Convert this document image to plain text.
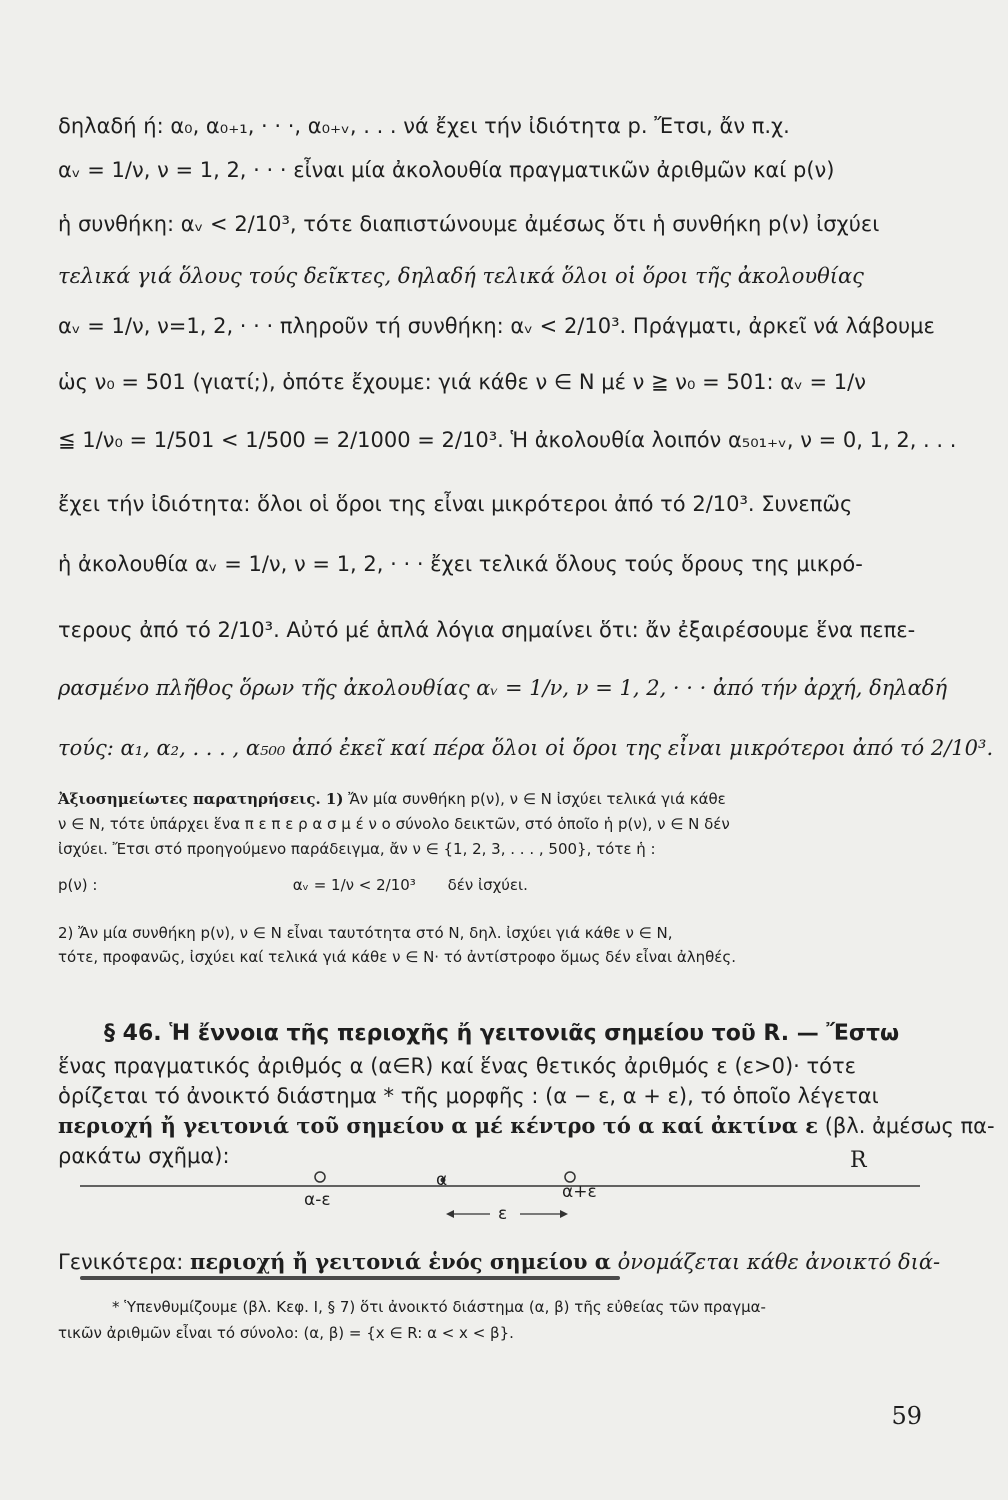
δηλαδή ή: α₀, α₀₊₁, · · ·, α₀₊ᵥ, . . . νά ἔχει τήν ἰδιότητα p. Ἔτσι, ἄν π.χ.
αᵥ = 1/ν, ν = 1, 2, · · · εἶναι μία ἀκολουθία πραγματικῶν ἀριθμῶν καί p(ν)
ἡ συνθήκη: αᵥ < 2/10³, τότε διαπιστώνουμε ἀμέσως ὅτι ἡ συνθήκη p(ν) ἰσχύει
τελικά γιά ὅλους τούς δεῖκτες, δηλαδή τελικά ὅλοι οἱ ὅροι τῆς ἀκολουθίας
αᵥ = 1/ν, ν=1, 2, · · · πληροῦν τή συνθήκη: αᵥ < 2/10³. Πράγματι, ἀρκεῖ νά λάβουμε
ὡς ν₀ = 501 (γιατί;), ὁπότε ἔχουμε: γιά κάθε ν ∈ N μέ ν ≧ ν₀ = 501: αᵥ = 1/ν
≦ 1/ν₀ = 1/501 < 1/500 = 2/1000 = 2/10³. Ἡ ἀκολουθία λοιπόν α₅₀₁₊ᵥ, ν = 0, 1, 2, . . .
ἔχει τήν ἰδιότητα: ὅλοι οἱ ὅροι της εἶναι μικρότεροι ἀπό τό 2/10³. Συνεπῶς
ἡ ἀκολουθία αᵥ = 1/ν, ν = 1, 2, · · · ἔχει τελικά ὅλους τούς ὅρους της μικρό-
τερους ἀπό τό 2/10³. Αὐτό μέ ἁπλά λόγια σημαίνει ὅτι: ἄν ἐξαιρέσουμε ἕνα πεπε-
ρασμένο πλῆθος ὅρων τῆς ἀκολουθίας αᵥ = 1/ν, ν = 1, 2, · · · ἀπό τήν ἀρχή, δηλαδή
τούς: α₁, α₂, . . . , α₅₀₀ ἀπό ἐκεῖ καί πέρα ὅλοι οἱ ὅροι της εἶναι μικρότεροι ἀπό τό 2/10³.
Ἀξιοσημείωτες παρατηρήσεις. 1) Ἄν μία συνθήκη p(ν), ν ∈ N ἰσχύει τελικά γιά κάθε
ν ∈ N, τότε ὑπάρχει ἕνα π ε π ε ρ α σ μ έ ν ο σύνολο δεικτῶν, στό ὁποῖο ἡ p(ν), ν ∈ N δέν
ἰσχύει. Ἔτσι στό προηγούμενο παράδειγμα, ἄν ν ∈ {1, 2, 3, . . . , 500}, τότε ἡ :
p(ν) :	αᵥ = 1/ν < 2/10³ δέν ἰσχύει.
2) Ἄν μία συνθήκη p(ν), ν ∈ N εἶναι ταυτότητα στό N, δηλ. ἰσχύει γιά κάθε ν ∈ N,
τότε, προφανῶς, ἰσχύει καί τελικά γιά κάθε ν ∈ N· τό ἀντίστροφο ὅμως δέν εἶναι ἀληθές.
§ 46. Ἡ ἔννοια τῆς περιοχῆς ἤ γειτονιᾶς σημείου τοῦ R. — Ἔστω
ἕνας πραγματικός ἀριθμός α (α∈R) καί ἕνας θετικός ἀριθμός ε (ε>0)· τότε
ὁρίζεται τό ἀνοικτό διάστημα * τῆς μορφῆς : (α − ε, α + ε), τό ὁποῖο λέγεται
περιοχή ἤ γειτονιά τοῦ σημείου α μέ κέντρο τό α καί ἀκτίνα ε (βλ. ἀμέσως πα-
ρακάτω σχῆμα):	R
α-ε
α
α+ε
ε
Γενικότερα: περιοχή ἤ γειτονιά ἑνός σημείου α ὀνομάζεται κάθε ἀνοικτό διά-
* Ὑπενθυμίζουμε (βλ. Κεφ. I, § 7) ὅτι ἀνοικτό διάστημα (α, β) τῆς εὐθείας τῶν πραγμα-
τικῶν ἀριθμῶν εἶναι τό σύνολο: (α, β) = {x ∈ R: α < x < β}.
59
